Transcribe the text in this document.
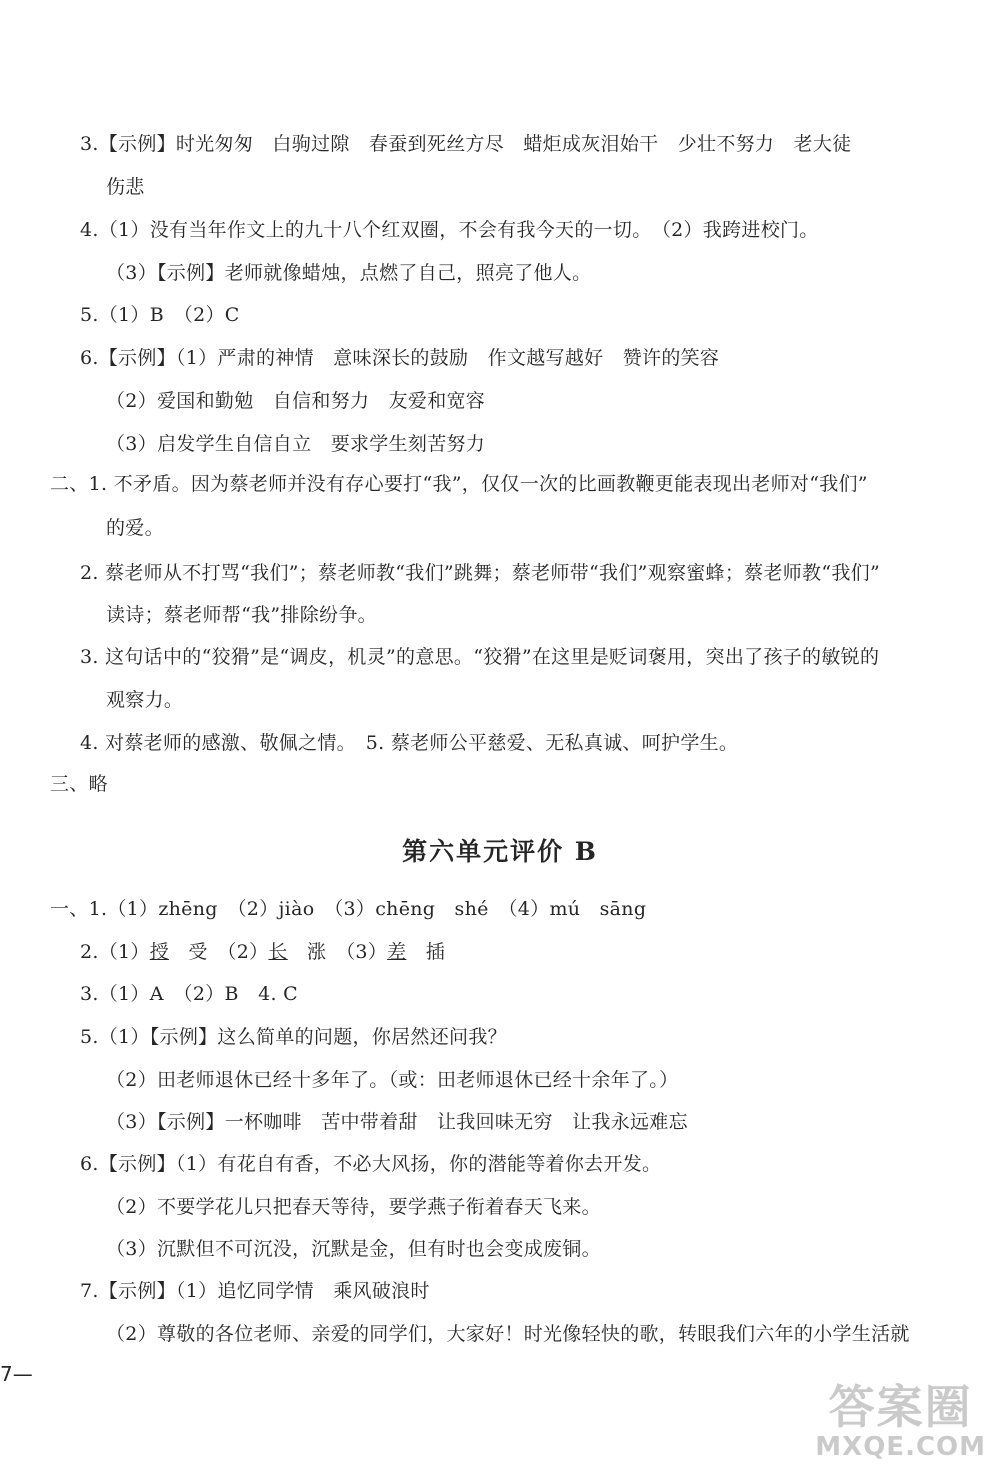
3.【示例】时光匆匆　白驹过隙　春蚕到死丝方尽　蜡炬成灰泪始干　少壮不努力　老大徒
伤悲
4.（1）没有当年作文上的九十八个红双圈，不会有我今天的一切。　（2）我跨进校门。
（3）【示例】老师就像蜡烛，点燃了自己，照亮了他人。
5.（1）B　（2）C
6.【示例】（1）严肃的神情　意味深长的鼓励　作文越写越好　赞许的笑容
（2）爱国和勤勉　自信和努力　友爱和宽容
（3）启发学生自信自立　要求学生刻苦努力
二、1. 不矛盾。因为蔡老师并没有存心要打“我”，仅仅一次的比画教鞭更能表现出老师对“我们”
的爱。
2. 蔡老师从不打骂“我们”；蔡老师教“我们”跳舞；蔡老师带“我们”观察蜜蜂；蔡老师教“我们”
读诗；蔡老师帮“我”排除纷争。
3. 这句话中的“狡猾”是“调皮，机灵”的意思。“狡猾”在这里是贬词褒用，突出了孩子的敏锐的
观察力。
4. 对蔡老师的感激、敬佩之情。　5. 蔡老师公平慈爱、无私真诚、呵护学生。
三、略
第六单元评价 B
一、1.（1）zhēng　（2）jiào　（3）chēng　shé　（4）mú　sāng
2.（1）授　受　（2）长　涨　（3）差　插
3.（1）A　（2）B　4. C
5.（1）【示例】这么简单的问题，你居然还问我？
（2）田老师退休已经十多年了。（或：田老师退休已经十余年了。）
（3）【示例】一杯咖啡　苦中带着甜　让我回味无穷　让我永远难忘
6.【示例】（1）有花自有香，不必大风扬，你的潜能等着你去开发。
（2）不要学花儿只把春天等待，要学燕子衔着春天飞来。
（3）沉默但不可沉没，沉默是金，但有时也会变成废铜。
7.【示例】（1）追忆同学情　乘风破浪时
（2）尊敬的各位老师、亲爱的同学们，大家好！时光像轻快的歌，转眼我们六年的小学生活就
7—
答案圈
MXQE.COM
